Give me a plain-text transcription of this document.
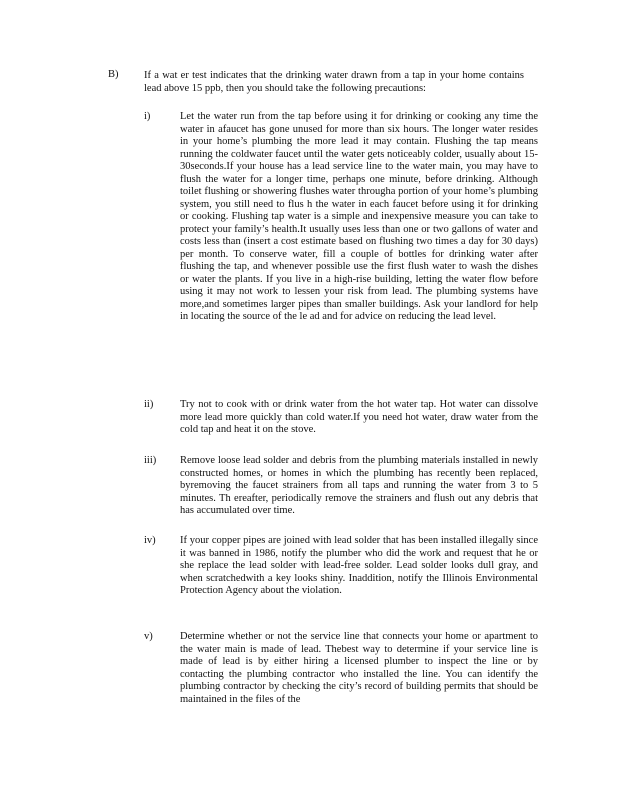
B) If a wat er test indicates that the drinking water drawn from a tap in your home contains lead above 15 ppb, then you should take the following precautions:
i)	Let the water run from the tap before using it for drinking or cooking any time the water in afaucet has gone unused for more than six hours. The longer water resides in your home’s plumbing the more lead it may contain. Flushing the tap means running the coldwater faucet until the water gets noticeably colder, usually about 15-30seconds.If your house has a lead service line to the water main, you may have to flush the water for a longer time, perhaps one minute, before drinking. Although toilet flushing or showering flushes water througha portion of your home’s plumbing system, you still need to flus h the water in each faucet before using it for drinking or cooking. Flushing tap water is a simple and inexpensive measure you can take to protect your family’s health.It usually uses less than one or two gallons of water and costs less than (insert a cost estimate based on flushing two times a day for 30 days) per month. To conserve water, fill a couple of bottles for drinking water after flushing the tap, and whenever possible use the first flush water to wash the dishes or water the plants. If you live in a high-rise building, letting the water flow before using it may not work to lessen your risk from lead. The plumbing systems have more,and sometimes larger pipes than smaller buildings. Ask your landlord for help in locating the source of the le ad and for advice on reducing the lead level.
ii)	Try not to cook with or drink water from the hot water tap. Hot water can dissolve more lead more quickly than cold water.If you need hot water, draw water from the cold tap and heat it on the stove.
iii)	Remove loose lead solder and debris from the plumbing materials installed in newly constructed homes, or homes in which the plumbing has recently been replaced, byremoving the faucet strainers from all taps and running the water from 3 to 5 minutes. Th ereafter, periodically remove the strainers and flush out any debris that has accumulated over time.
iv)	If your copper pipes are joined with lead solder that has been installed illegally since it was banned in 1986, notify the plumber who did the work and request that he or she replace the lead solder with lead-free solder. Lead solder looks dull gray, and when scratchedwith a key looks shiny. Inaddition, notify the Illinois Environmental Protection Agency about the violation.
v)	Determine whether or not the service line that connects your home or apartment to the water main is made of lead. Thebest way to determine if your service line is made of lead is by either hiring a licensed plumber to inspect the line or by contacting the plumbing contractor who installed the line. You can identify the plumbing contractor by checking the city’s record of building permits that should be maintained in the files of the
